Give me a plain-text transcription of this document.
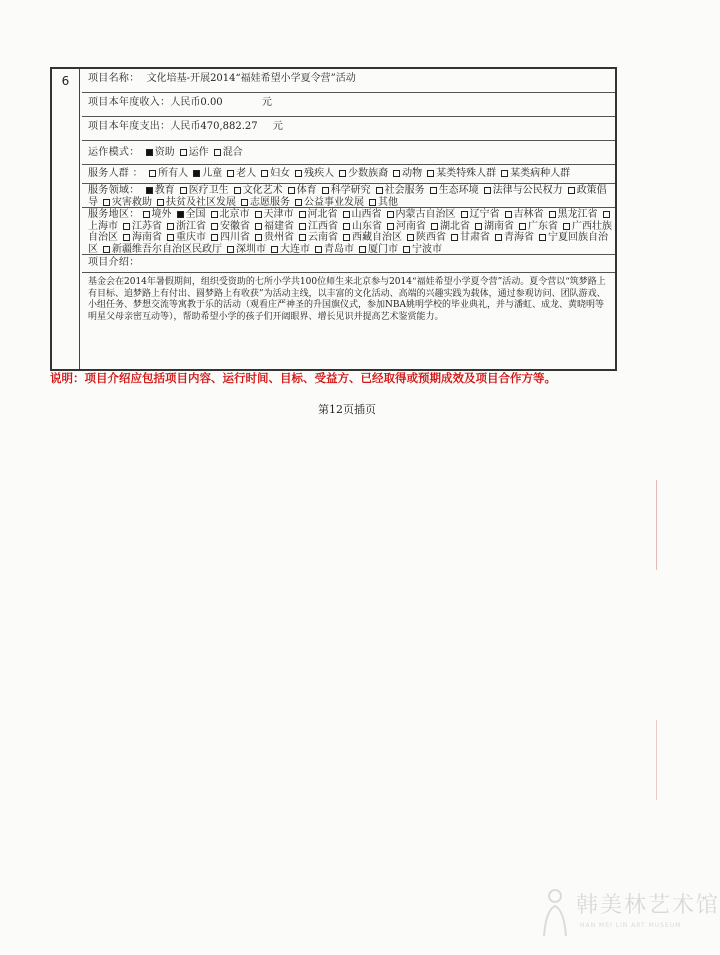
6	项目名称： 文化培基-开展2014“福娃希望小学夏令营”活动
项目本年度收入：人民币0.00	元
项目本年度支出：人民币470,882.27 元
运作模式： 资助 运作 混合
服务人群 ： 所有人 儿童 老人 妇女 残疾人 少数族裔 动物 某类特殊人群 某类病种人群
服务领域： 教育 医疗卫生 文化艺术 体育 科学研究 社会服务 生态环境 法律与公民权力 政策倡导 灾害救助 扶贫及社区发展 志愿服务 公益事业发展 其他
服务地区： 境外 全国 北京市 天津市 河北省 山西省 内蒙古自治区 辽宁省 吉林省 黑龙江省上海市 江苏省 浙江省 安徽省 福建省 江西省 山东省 河南省 湖北省 湖南省 广东省 广西壮族自治区 海南省 重庆市 四川省 贵州省 云南省 西藏自治区 陕西省 甘肃省 青海省 宁夏回族自治区 新疆维吾尔自治区民政厅 深圳市 大连市 青岛市 厦门市 宁波市
项目介绍：
基金会在2014年暑假期间，组织受资助的七所小学共100位师生来北京参与2014“福娃希望小学夏令营”活动。夏令营以“筑梦路上有目标、追梦路上有付出、圆梦路上有收获”为活动主线，以丰富的文化活动、高端的兴趣实践为载体，通过参观访问、团队游戏、小组任务、梦想交流等寓教于乐的活动（观看庄严神圣的升国旗仪式，参加NBA姚明学校的毕业典礼，并与潘虹、成龙、黄晓明等明星父母亲密互动等），帮助希望小学的孩子们开阔眼界、增长见识并提高艺术鉴赏能力。
说明：项目介绍应包括项目内容、运行时间、目标、受益方、已经取得或预期成效及项目合作方等。
第12页插页
韩美林艺术馆
HAN MEI LIN ART MUSEUM
